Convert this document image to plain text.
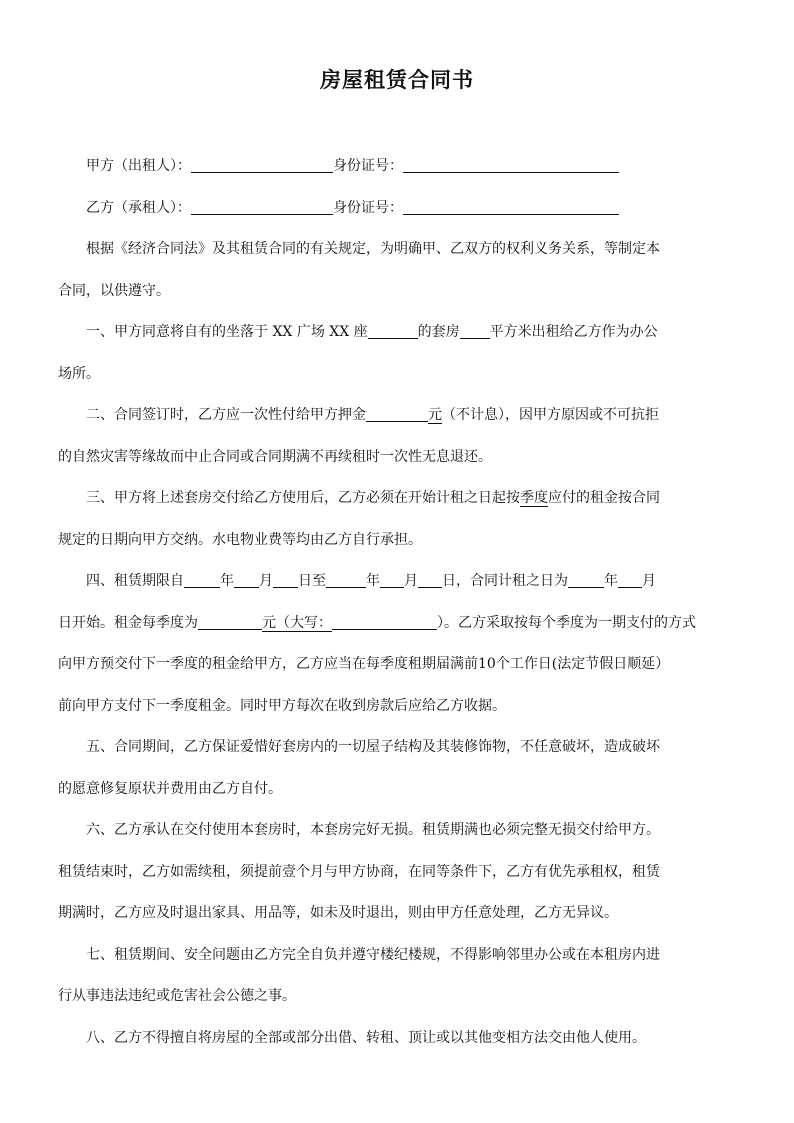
房屋租赁合同书

甲方（出租人）：	身份证号：

乙方（承租人）：	身份证号：

根据《经济合同法》及其租赁合同的有关规定，为明确甲、乙双方的权利义务关系，等制定本

合同，以供遵守。

一、甲方同意将自有的坐落于 XX 广场 XX 座	的套房 平方米出租给乙方作为办公

场所。

二、合同签订时，乙方应一次性付给甲方押金	元（不计息），因甲方原因或不可抗拒

的自然灾害等缘故而中止合同或合同期满不再续租时一次性无息退还。

三、甲方将上述套房交付给乙方使用后，乙方必须在开始计租之日起按季度应付的租金按合同

规定的日期向甲方交纳。水电物业费等均由乙方自行承担。

四、租赁期限自	年 月 日至	年 月 日，合同计租之日为	年 月

日开始。租金每季度为	元（大写：	）。乙方采取按每个季度为一期支付的方式

向甲方预交付下一季度的租金给甲方，乙方应当在每季度租期届满前10个工作日(法定节假日顺延）

前向甲方支付下一季度租金。同时甲方每次在收到房款后应给乙方收据。

五、合同期间，乙方保证爱惜好套房内的一切屋子结构及其装修饰物，不任意破坏，造成破坏

的愿意修复原状并费用由乙方自付。

六、乙方承认在交付使用本套房时，本套房完好无损。租赁期满也必须完整无损交付给甲方。

租赁结束时，乙方如需续租，须提前壹个月与甲方协商，在同等条件下，乙方有优先承租权，租赁

期满时，乙方应及时退出家具、用品等，如未及时退出，则由甲方任意处理，乙方无异议。

七、租赁期间、安全问题由乙方完全自负并遵守楼纪楼规，不得影响邻里办公或在本租房内进

行从事违法违纪或危害社会公德之事。

八、乙方不得擅自将房屋的全部或部分出借、转租、顶让或以其他变相方法交由他人使用。
